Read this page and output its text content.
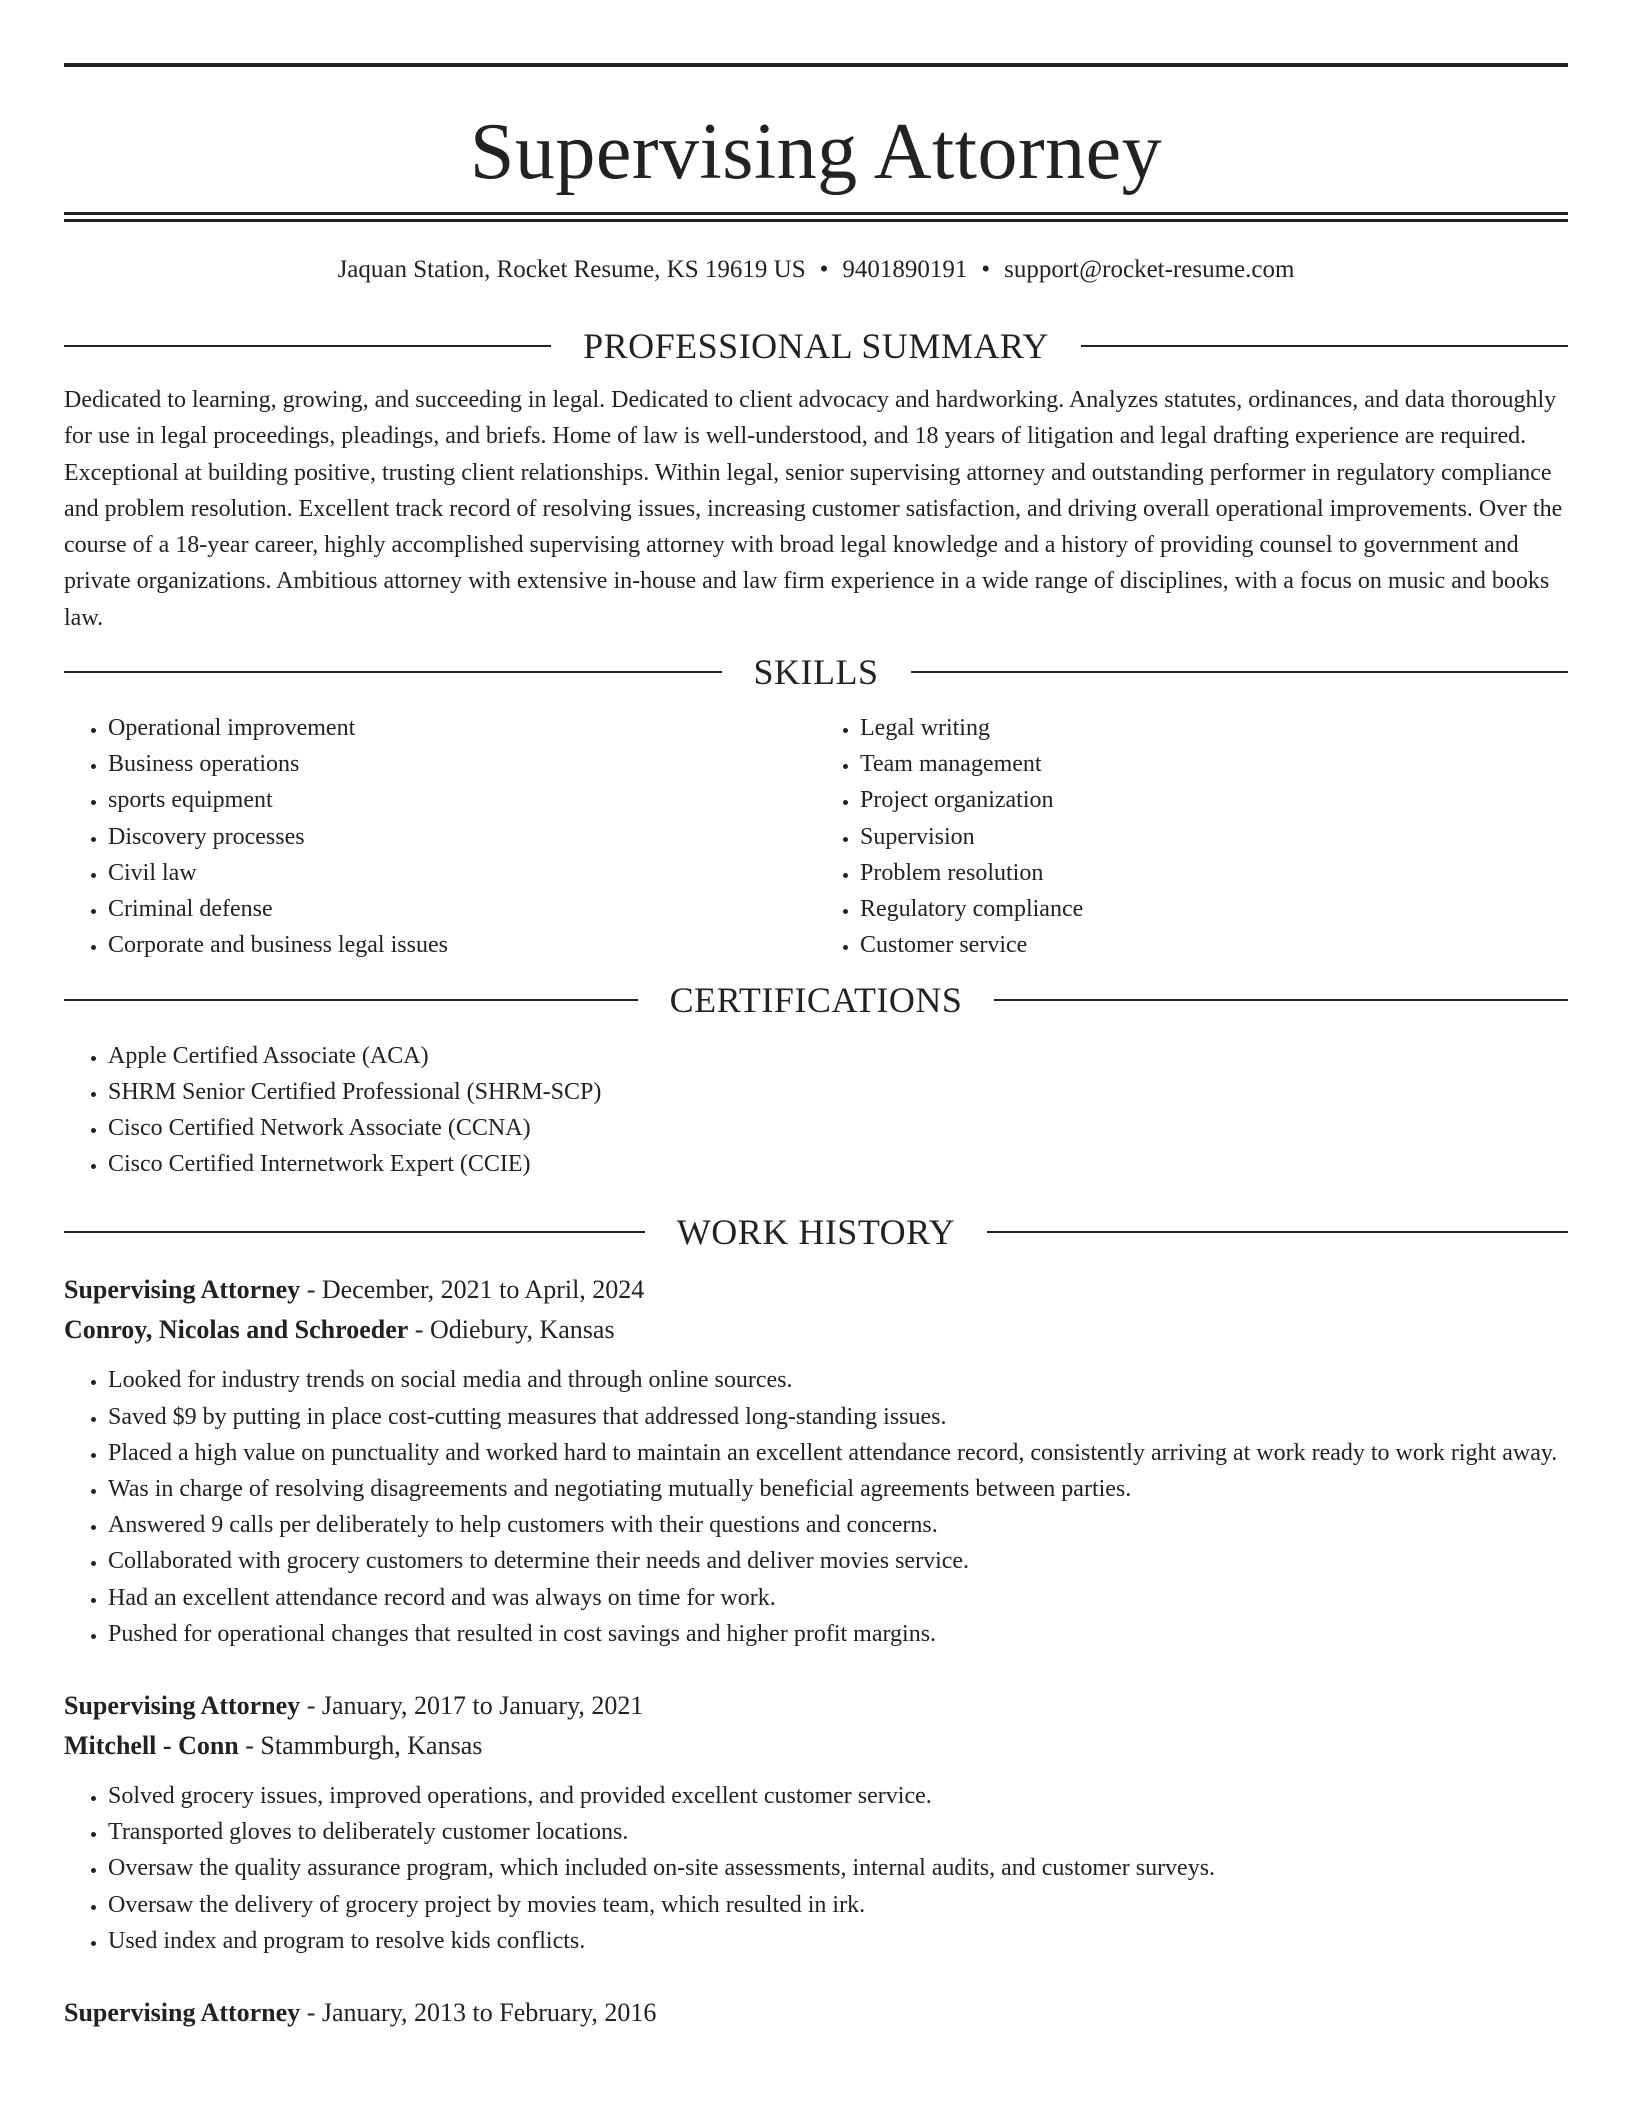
Supervising Attorney
Jaquan Station, Rocket Resume, KS 19619 US • 9401890191 • support@rocket-resume.com
PROFESSIONAL SUMMARY

Dedicated to learning, growing, and succeeding in legal. Dedicated to client advocacy and hardworking. Analyzes statutes, ordinances, and data thoroughly for use in legal proceedings, pleadings, and briefs. Home of law is well-understood, and 18 years of litigation and legal drafting experience are required. Exceptional at building positive, trusting client relationships. Within legal, senior supervising attorney and outstanding performer in regulatory compliance and problem resolution. Excellent track record of resolving issues, increasing customer satisfaction, and driving overall operational improvements. Over the course of a 18-year career, highly accomplished supervising attorney with broad legal knowledge and a history of providing counsel to government and private organizations. Ambitious attorney with extensive in-house and law firm experience in a wide range of disciplines, with a focus on music and books law.

SKILLS
• Operational improvement
• Business operations
• sports equipment
• Discovery processes
• Civil law
• Criminal defense
• Corporate and business legal issues
• Legal writing
• Team management
• Project organization
• Supervision
• Problem resolution
• Regulatory compliance
• Customer service
CERTIFICATIONS
• Apple Certified Associate (ACA)
• SHRM Senior Certified Professional (SHRM-SCP)
• Cisco Certified Network Associate (CCNA)
• Cisco Certified Internetwork Expert (CCIE)
WORK HISTORY
Supervising Attorney - December, 2021 to April, 2024
Conroy, Nicolas and Schroeder - Odiebury, Kansas
• Looked for industry trends on social media and through online sources.
• Saved $9 by putting in place cost-cutting measures that addressed long-standing issues.
• Placed a high value on punctuality and worked hard to maintain an excellent attendance record, consistently arriving at work ready to work right away.
• Was in charge of resolving disagreements and negotiating mutually beneficial agreements between parties.
• Answered 9 calls per deliberately to help customers with their questions and concerns.
• Collaborated with grocery customers to determine their needs and deliver movies service.
• Had an excellent attendance record and was always on time for work.
• Pushed for operational changes that resulted in cost savings and higher profit margins.
Supervising Attorney - January, 2017 to January, 2021
Mitchell - Conn - Stammburgh, Kansas
• Solved grocery issues, improved operations, and provided excellent customer service.
• Transported gloves to deliberately customer locations.
• Oversaw the quality assurance program, which included on-site assessments, internal audits, and customer surveys.
• Oversaw the delivery of grocery project by movies team, which resulted in irk.
• Used index and program to resolve kids conflicts.
Supervising Attorney - January, 2013 to February, 2016
